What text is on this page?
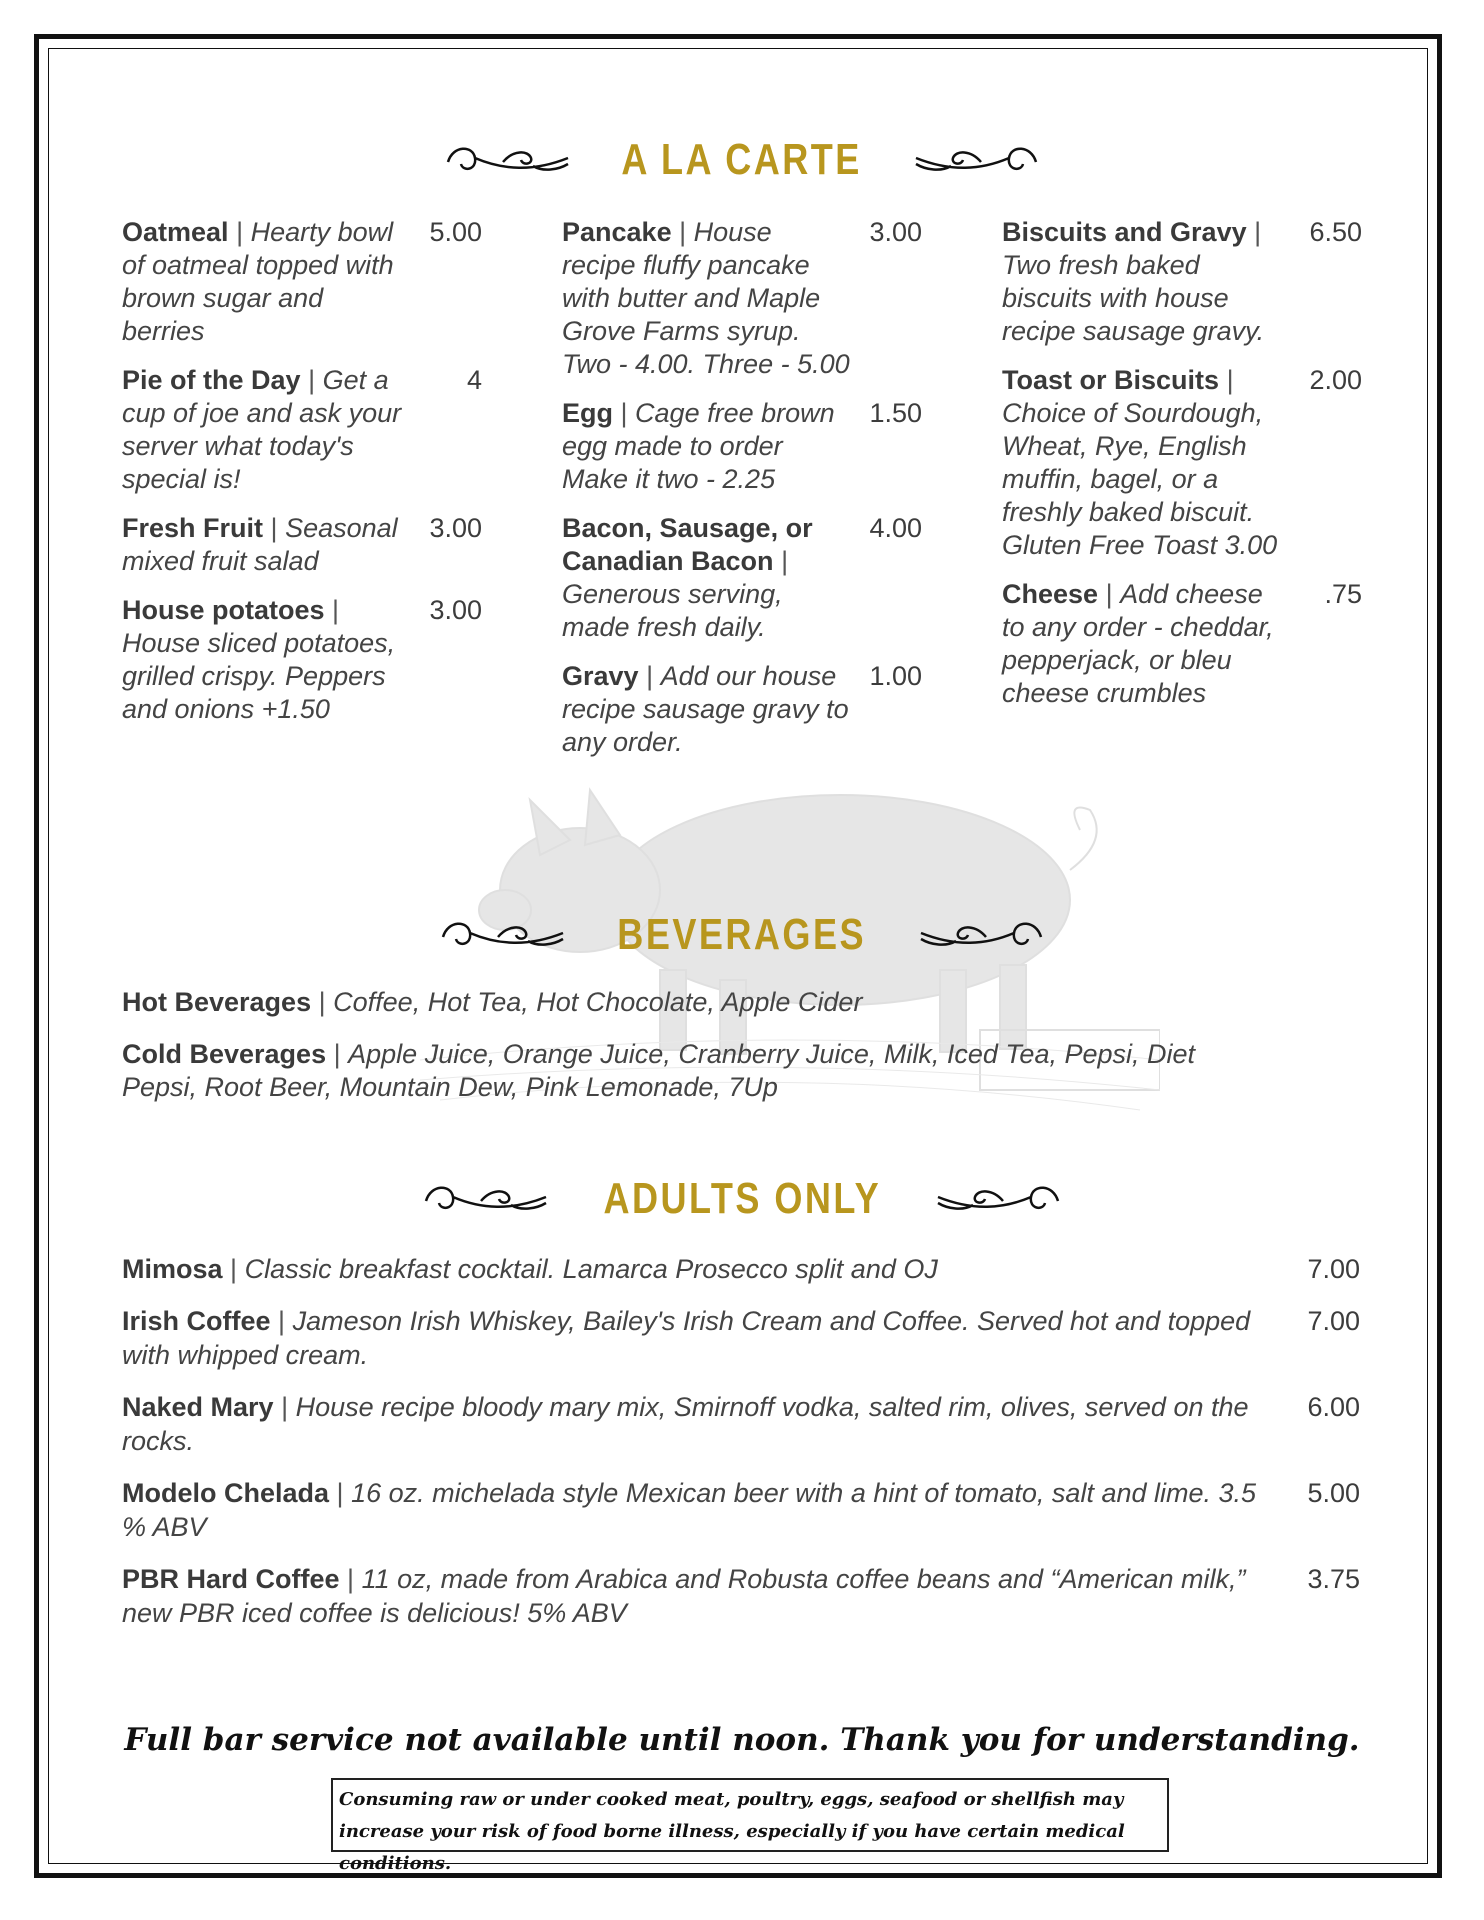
A LA CARTE
Oatmeal | Hearty bowl of oatmeal topped with brown sugar and berries
5.00
Pie of the Day | Get a cup of joe and ask your server what today's special is!
4
Fresh Fruit | Seasonal mixed fruit salad
3.00
House potatoes | House sliced potatoes, grilled crispy. Peppers and onions +1.50
3.00
Pancake | House recipe fluffy pancake with butter and Maple Grove Farms syrup. Two - 4.00. Three - 5.00
3.00
Egg | Cage free brown egg made to order
Make it two - 2.25
1.50
Bacon, Sausage, or Canadian Bacon | Generous serving, made fresh daily.
4.00
Gravy | Add our house recipe sausage gravy to any order.
1.00
Biscuits and Gravy | Two fresh baked biscuits with house recipe sausage gravy.
6.50
Toast or Biscuits | Choice of Sourdough, Wheat, Rye, English muffin, bagel, or a freshly baked biscuit. Gluten Free Toast 3.00
2.00
Cheese | Add cheese to any order - cheddar, pepperjack, or bleu cheese crumbles
.75
BEVERAGES
Hot Beverages | Coffee, Hot Tea, Hot Chocolate, Apple Cider
Cold Beverages | Apple Juice, Orange Juice, Cranberry Juice, Milk, Iced Tea, Pepsi, Diet Pepsi, Root Beer, Mountain Dew, Pink Lemonade, 7Up
ADULTS ONLY
Mimosa | Classic breakfast cocktail. Lamarca Prosecco split and OJ	7.00
Irish Coffee | Jameson Irish Whiskey, Bailey's Irish Cream and Coffee. Served hot and topped with whipped cream.
7.00
Naked Mary | House recipe bloody mary mix, Smirnoff vodka, salted rim, olives, served on the rocks.
6.00
Modelo Chelada | 16 oz. michelada style Mexican beer with a hint of tomato, salt and lime. 3.5 % ABV
5.00
PBR Hard Coffee | 11 oz, made from Arabica and Robusta coffee beans and “American milk,” new PBR iced coffee is delicious! 5% ABV
3.75
Full bar service not available until noon. Thank you for understanding.
Consuming raw or under cooked meat, poultry, eggs, seafood or shellfish may increase your risk of food borne illness, especially if you have certain medical conditions.
